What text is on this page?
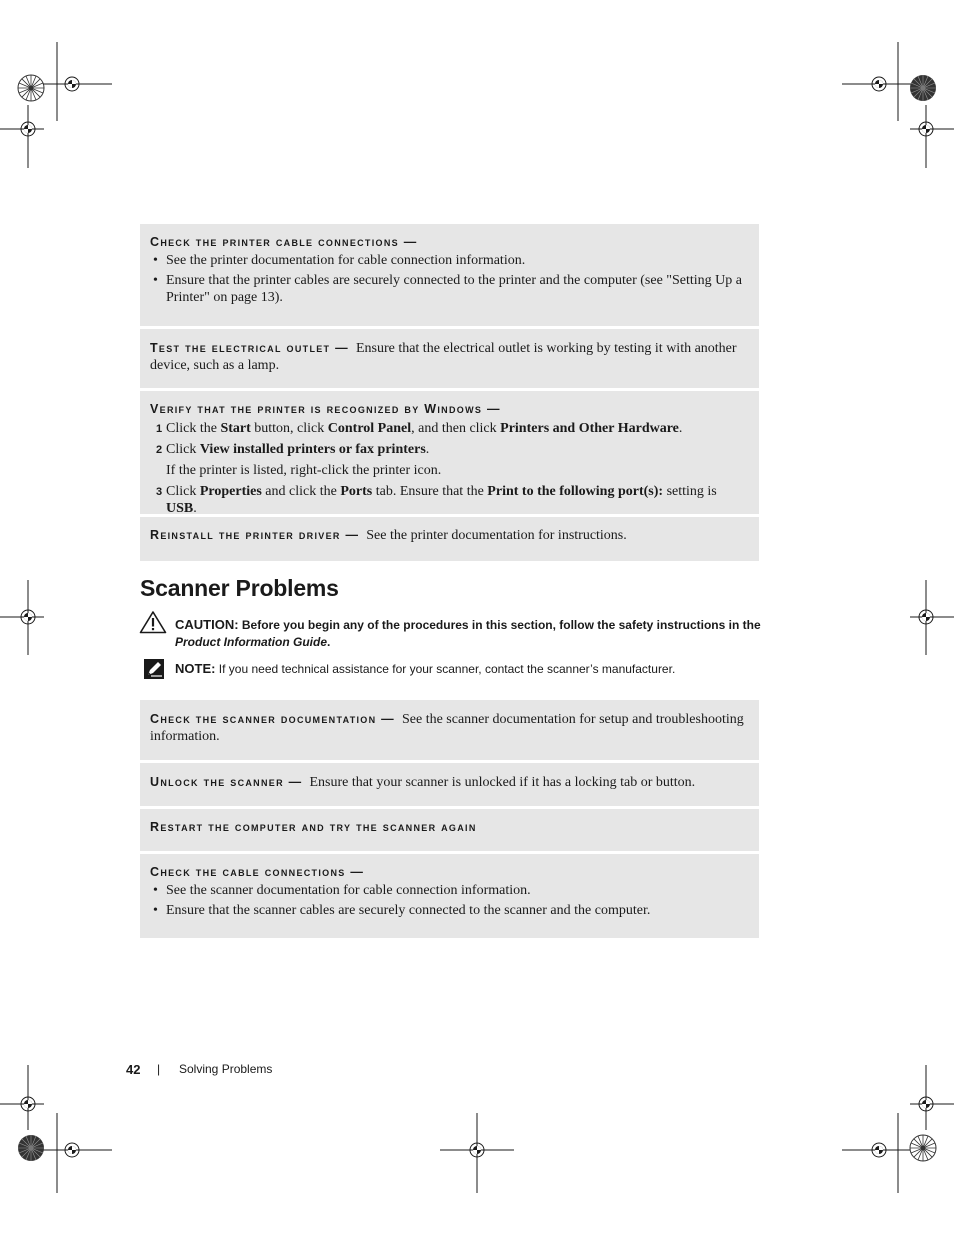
Check the printer cable connections —
• See the printer documentation for cable connection information.
• Ensure that the printer cables are securely connected to the printer and the computer (see "Setting Up a Printer" on page 13).
Test the electrical outlet — Ensure that the electrical outlet is working by testing it with another device, such as a lamp.
Verify that the printer is recognized by Windows —
1 Click the Start button, click Control Panel, and then click Printers and Other Hardware.
2 Click View installed printers or fax printers.
If the printer is listed, right-click the printer icon.
3 Click Properties and click the Ports tab. Ensure that the Print to the following port(s): setting is USB.
Reinstall the printer driver — See the printer documentation for instructions.
Scanner Problems
CAUTION: Before you begin any of the procedures in this section, follow the safety instructions in the
Product Information Guide.
NOTE: If you need technical assistance for your scanner, contact the scanner’s manufacturer.
Check the scanner documentation — See the scanner documentation for setup and troubleshooting information.
Unlock the scanner — Ensure that your scanner is unlocked if it has a locking tab or button.
Restart the computer and try the scanner again
Check the cable connections —
• See the scanner documentation for cable connection information.
• Ensure that the scanner cables are securely connected to the scanner and the computer.
42 | Solving Problems
